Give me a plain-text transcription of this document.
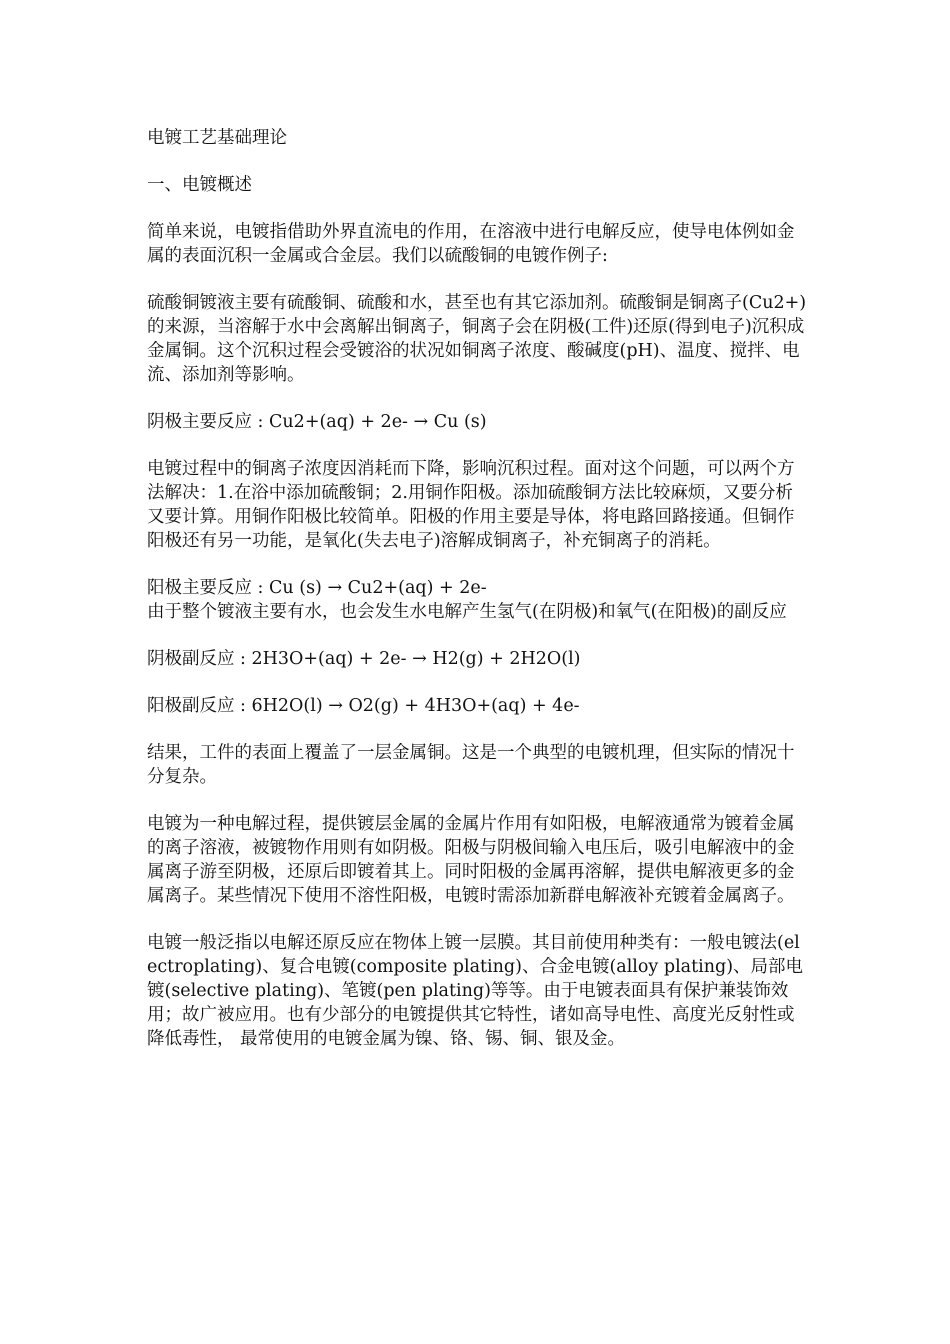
电镀工艺基础理论

一、电镀概述

简单来说，电镀指借助外界直流电的作用，在溶液中进行电解反应，使导电体例如金属的表面沉积一金属或合金层。我们以硫酸铜的电镀作例子:

硫酸铜镀液主要有硫酸铜、硫酸和水，甚至也有其它添加剂。硫酸铜是铜离子(Cu2+)的来源，当溶解于水中会离解出铜离子，铜离子会在阴极(工件)还原(得到电子)沉积成金属铜。这个沉积过程会受镀浴的状况如铜离子浓度、酸碱度(pH)、温度、搅拌、电流、添加剂等影响。

阴极主要反应 : Cu2+(aq) + 2e- → Cu (s)

电镀过程中的铜离子浓度因消耗而下降，影响沉积过程。面对这个问题，可以两个方法解决：1.在浴中添加硫酸铜；2.用铜作阳极。添加硫酸铜方法比较麻烦，又要分析又要计算。用铜作阳极比较简单。阳极的作用主要是导体，将电路回路接通。但铜作阳极还有另一功能，是氧化(失去电子)溶解成铜离子，补充铜离子的消耗。

阳极主要反应 : Cu (s) → Cu2+(aq) + 2e-

由于整个镀液主要有水，也会发生水电解产生氢气(在阴极)和氧气(在阳极)的副反应

阴极副反应 : 2H3O+(aq) + 2e- → H2(g) + 2H2O(l)

阳极副反应 : 6H2O(l) → O2(g) + 4H3O+(aq) + 4e-

结果，工件的表面上覆盖了一层金属铜。这是一个典型的电镀机理，但实际的情况十分复杂。

电镀为一种电解过程，提供镀层金属的金属片作用有如阳极，电解液通常为镀着金属的离子溶液，被镀物作用则有如阴极。阳极与阴极间输入电压后，吸引电解液中的金属离子游至阴极，还原后即镀着其上。同时阳极的金属再溶解，提供电解液更多的金属离子。某些情况下使用不溶性阳极，电镀时需添加新群电解液补充镀着金属离子。

电镀一般泛指以电解还原反应在物体上镀一层膜。其目前使用种类有：一般电镀法(electroplating)、复合电镀(composite plating)、合金电镀(alloy plating)、局部电镀(selective plating)、笔镀(pen plating)等等。由于电镀表面具有保护兼装饰效用；故广被应用。也有少部分的电镀提供其它特性，诸如高导电性、高度光反射性或降低毒性， 最常使用的电镀金属为镍、铬、锡、铜、银及金。
